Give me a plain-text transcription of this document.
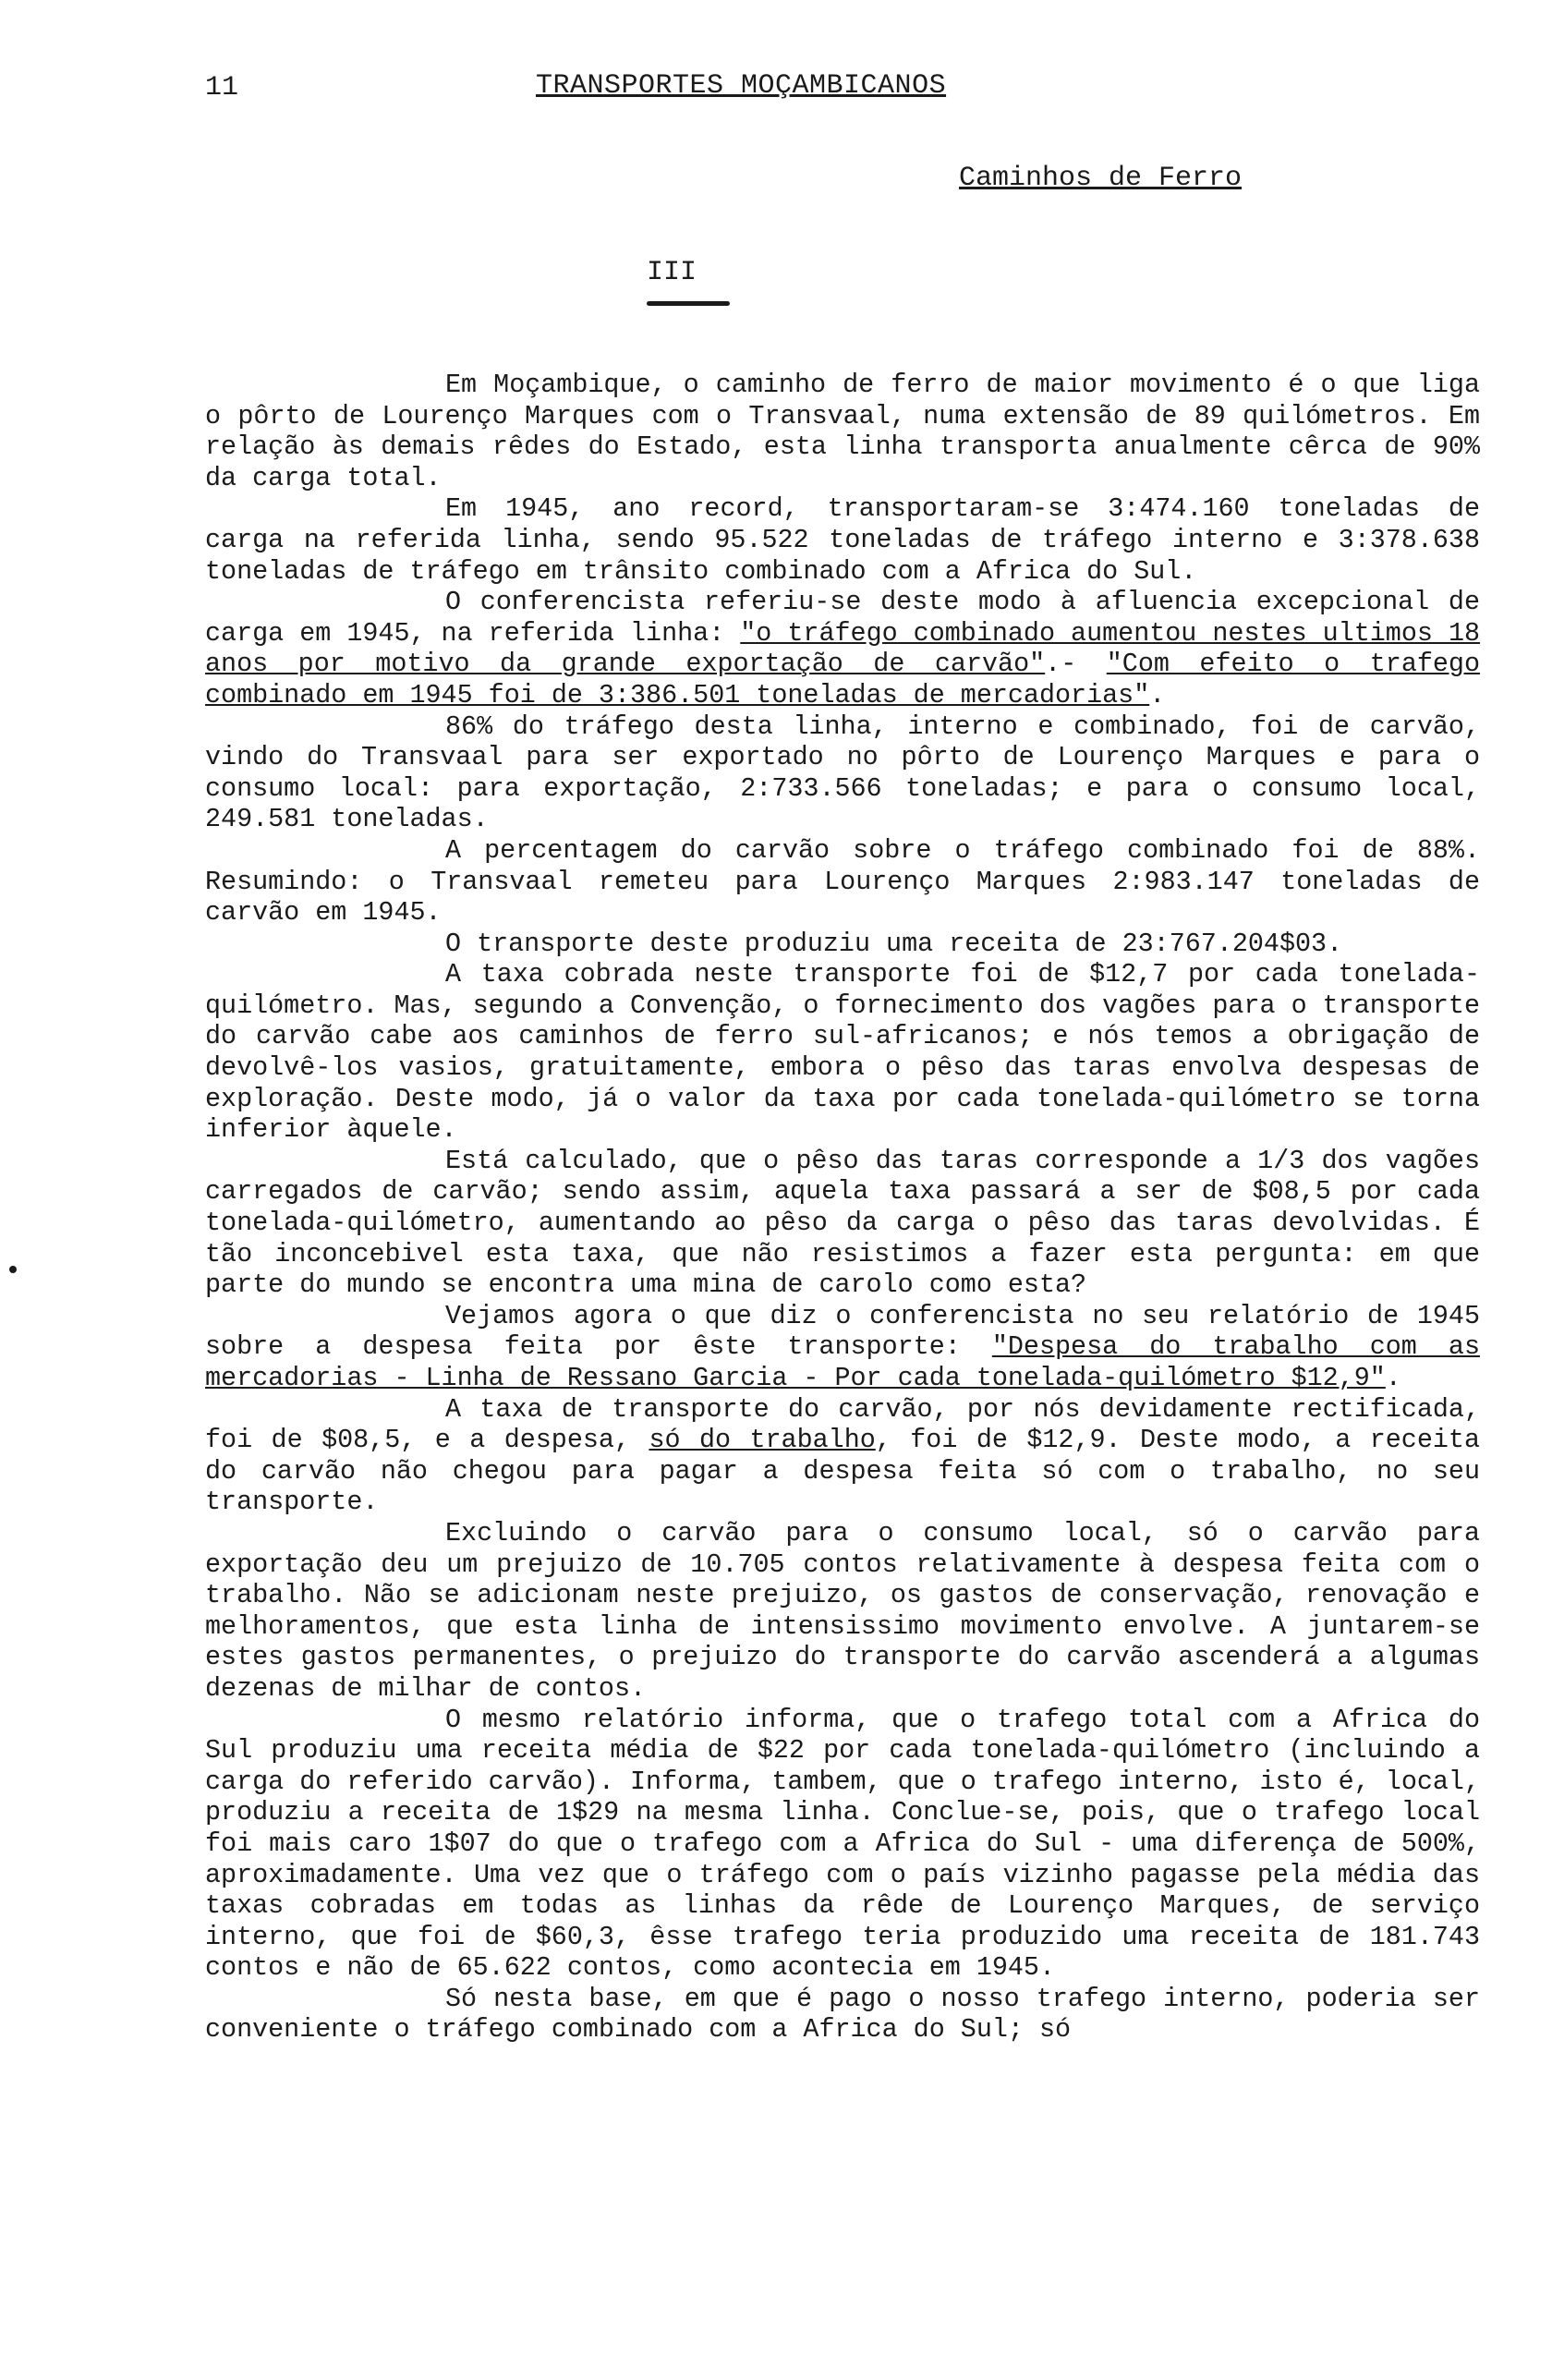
11	TRANSPORTES MOÇAMBICANOS
Caminhos de Ferro
III

Em Moçambique, o caminho de ferro de maior movimento é o que liga o pôrto de Lourenço Marques com o Transvaal, numa extensão de 89 quilómetros. Em relação às demais rêdes do Estado, esta linha transporta anualmente cêrca de 90% da carga total.

Em 1945, ano record, transportaram-se 3:474.160 toneladas de carga na referida linha, sendo 95.522 toneladas de tráfego interno e 3:378.638 toneladas de tráfego em trânsito combinado com a Africa do Sul.

O conferencista referiu-se deste modo à afluencia excepcional de carga em 1945, na referida linha: "o tráfego combinado aumentou nestes ultimos 18 anos por motivo da grande exportação de carvão".- "Com efeito o trafego combinado em 1945 foi de 3:386.501 toneladas de mercadorias".

86% do tráfego desta linha, interno e combinado, foi de carvão, vindo do Transvaal para ser exportado no pôrto de Lourenço Marques e para o consumo local: para exportação, 2:733.566 toneladas; e para o consumo local, 249.581 toneladas.

A percentagem do carvão sobre o tráfego combinado foi de 88%. Resumindo: o Transvaal remeteu para Lourenço Marques 2:983.147 toneladas de carvão em 1945.

O transporte deste produziu uma receita de 23:767.204$03.

A taxa cobrada neste transporte foi de $12,7 por cada tonelada-quilómetro. Mas, segundo a Convenção, o fornecimento dos vagões para o transporte do carvão cabe aos caminhos de ferro sul-africanos; e nós temos a obrigação de devolvê-los vasios, gratuitamente, embora o pêso das taras envolva despesas de exploração. Deste modo, já o valor da taxa por cada tonelada-quilómetro se torna inferior àquele.

Está calculado, que o pêso das taras corresponde a 1/3 dos vagões carregados de carvão; sendo assim, aquela taxa passará a ser de $08,5 por cada tonelada-quilómetro, aumentando ao pêso da carga o pêso das taras devolvidas. É tão inconcebivel esta taxa, que não resistimos a fazer esta pergunta: em que parte do mundo se encontra uma mina de carolo como esta?

Vejamos agora o que diz o conferencista no seu relatório de 1945 sobre a despesa feita por êste transporte: "Despesa do trabalho com as mercadorias - Linha de Ressano Garcia - Por cada tonelada-quilómetro $12,9".

A taxa de transporte do carvão, por nós devidamente rectificada, foi de $08,5, e a despesa, só do trabalho, foi de $12,9. Deste modo, a receita do carvão não chegou para pagar a despesa feita só com o trabalho, no seu transporte.

Excluindo o carvão para o consumo local, só o carvão para exportação deu um prejuizo de 10.705 contos relativamente à despesa feita com o trabalho. Não se adicionam neste prejuizo, os gastos de conservação, renovação e melhoramentos, que esta linha de intensissimo movimento envolve. A juntarem-se estes gastos permanentes, o prejuizo do transporte do carvão ascenderá a algumas dezenas de milhar de contos.

O mesmo relatório informa, que o trafego total com a Africa do Sul produziu uma receita média de $22 por cada tonelada-quilómetro (incluindo a carga do referido carvão). Informa, tambem, que o trafego interno, isto é, local, produziu a receita de 1$29 na mesma linha. Conclue-se, pois, que o trafego local foi mais caro 1$07 do que o trafego com a Africa do Sul - uma diferença de 500%, aproximadamente. Uma vez que o tráfego com o país vizinho pagasse pela média das taxas cobradas em todas as linhas da rêde de Lourenço Marques, de serviço interno, que foi de $60,3, êsse trafego teria produzido uma receita de 181.743 contos e não de 65.622 contos, como acontecia em 1945.

Só nesta base, em que é pago o nosso trafego interno, poderia ser conveniente o tráfego combinado com a Africa do Sul; só
